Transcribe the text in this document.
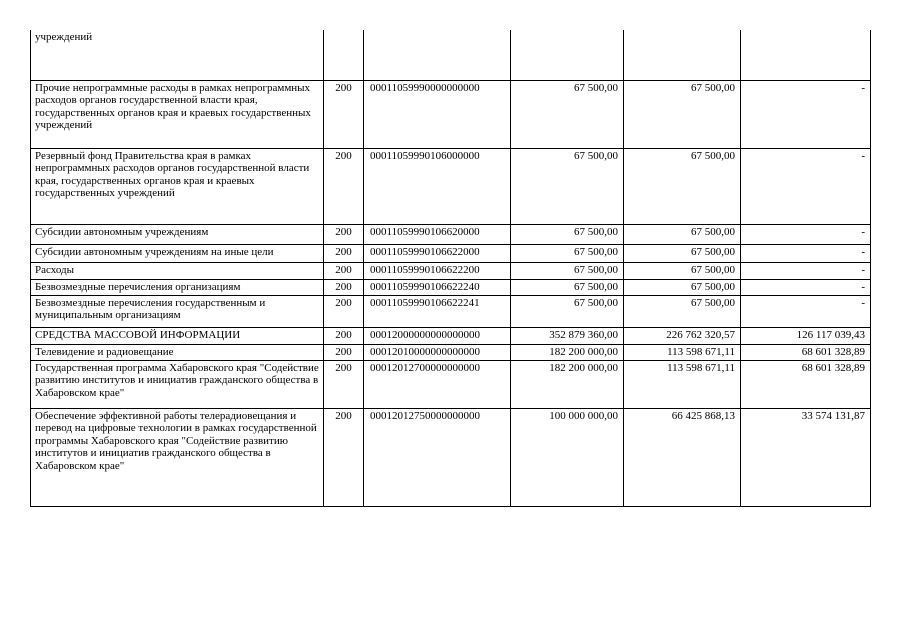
учреждений					
Прочие непрограммные расходы в рамках непрограммных расходов органов государственной власти края, государственных органов края и краевых государственных учреждений	200	00011059990000000000	67 500,00	67 500,00	-
Резервный фонд Правительства края в рамках непрограммных расходов органов государственной власти края, государственных органов края и краевых государственных учреждений	200	00011059990106000000	67 500,00	67 500,00	-
Субсидии автономным учреждениям	200	00011059990106620000	67 500,00	67 500,00	-
Субсидии автономным учреждениям на иные цели	200	00011059990106622000	67 500,00	67 500,00	-
Расходы	200	00011059990106622200	67 500,00	67 500,00	-
Безвозмездные перечисления организациям	200	00011059990106622240	67 500,00	67 500,00	-
Безвозмездные перечисления государственным и муниципальным организациям	200	00011059990106622241	67 500,00	67 500,00	-
СРЕДСТВА МАССОВОЙ ИНФОРМАЦИИ	200	00012000000000000000	352 879 360,00	226 762 320,57	126 117 039,43
Телевидение и радиовещание	200	00012010000000000000	182 200 000,00	113 598 671,11	68 601 328,89
Государственная программа Хабаровского края "Содействие развитию институтов и инициатив гражданского общества в Хабаровском крае"	200	00012012700000000000	182 200 000,00	113 598 671,11	68 601 328,89
Обеспечение эффективной работы телерадиовещания и перевод на цифровые технологии в рамках государственной программы Хабаровского края "Содействие развитию институтов и инициатив гражданского общества в Хабаровском крае"	200	00012012750000000000	100 000 000,00	66 425 868,13	33 574 131,87
